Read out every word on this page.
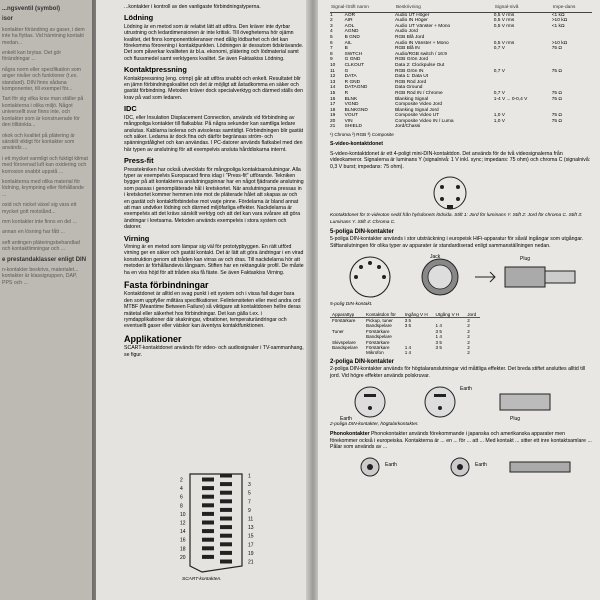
...ngsventil (symbol)

isor

kontakter förändring av gaser, i dem inte ha flyttas. Vid hämtning kontakt medan...

enkelt kan brytas. Det gör förändringar ...

några norm eller specifikation som anger nivåer och funktioner (t.ex. standard). DIN finns sådana komponenter, till exempel för...

Tart för sig vilka krav man ställer på kontakterna i olika miljö. Något universellt svar finns inte, och kontakter som är konstruerade för den tilltänkta...

okok och kvalitet på plätering är särskilt viktigt för kontakter som används ...

i ett mycket varmligt och fuktigt klimat med förorenad luft kan oxidering och korrosion snabbt uppstå ...

kontakterna med olika material för lödning, krympning eller förhållande ...

oxid och nickel växel sig vara ett mycket gott motstånd...

mm kontakter inte finns en del ...

annan en lösning har fått ...

seft antingen pläteringsbehandlad och kontaktlimningar och ...

e prestandaklasser enligt DIN

n-kontakter beskrivs, materialet... kontakter är klassigruppen, DAP, PPS och ...

...kontakter i kontroll av den vanligaste förbindningstyperna.

Lödning

Lödning är en metod som är relativt lätt att utföra. Den kräver inte dyrbar utrustning och ledardimensionen är inte kritisk. Till övegheterna hör ojämn kvalitet, det finns komponenttoleranser med dålig lödbarhet och det kan förekomma förorening i kontaktpunkten. Lödningen är dessutom tidskrävande. Det som påverkar kvaliteten är bl.a. ekonomi, plätering och lödmaterial samt och flussmedel samt verktygens kvalitet. Se även Faktaskiss Lödning.

Kontaktpressning

Kontaktpressning (eng. crimp) går att utföra snabbt och enkelt. Resultatet blir en jämn förbindningskvalitet och det är möjligt att åstadkomma en säker och gastät förbindning. Metoden kräver dock specialverktyg och därmed ställs den krav på vad som ledaren.

IDC

IDC, eller Insulation Displacement Connection, används vid förbindning av mångpoliga kontakter till flatkablar. På några sekunder kan samtliga ledare anslutas. Kablarna isoleras och avisoleras samtidigt. Förbindningen blir gastät och säker. Ledarna är dock fina och därför begränsas ström- och spänningstålighet och kan användas. I PC-datorer används flatkabel med den här typen av anslutning för att exempelvis ansluta hårddiskarna internt.

Press-fit

Presstekniken har också utvecklats för mångpoliga kontaktsanslutningar. Alla typer av exempelvis Europacard finns idag i "Press-fit" utförande. Tekniken bygger på att kontakterna anslutningspinnar har en något fjädrande anslutning som passas i genompläterade hål i kretskortet. När anslutningarna pressas in i kretskortet kommer hemmen inte mot de pläterade hålet att skapas av och en gastät och kontaktförbindelse mot varje pinne. Fördelarna är bland annat att man undviker lödning och därmed miljöfarliga effekter. Nackdelarna är exempelvis att det krävs särskilt verktyg och att det kan vara svårare att göra ändringar i kretsarna. Metoden används exempelvis i stora system och datorer.

Virning

Virning är en metod som lämpar sig väl för prototypbyggen. En rätt utförd virning ger en säker och gastät kontakt. Det är lätt att göra ändringar i en virad konstruktion genom att tråden kan virras av och dras. Till nackdelarna hör att metoden är förhållandevis långsam. Stiften har en rektangulär profil. De måste ha en viss höjd för att tråden ska få fäste. Se även Faktaskiss Virning.

Fasta förbindningar

Kontaktdonet är alltid en svag punkt i ett system och i vissa fall duger bara den som uppfyller militära specifikationer. Felintensiteten eller med andra ord MTBF (Meantime Between Failure) så viktigare att kontaktdonen hellre deras mätetal eller säkerhet hos förbindningar. Det kan gälla t.ex. i rymdapplikationer där skakningar, vibrationer, temperaturändringar och eventuellt gaser eller vätskor kan äventyra kontaktfunktionen.

Applikationer

SCART-kontaktdonet används för video- och audiosignaler i TV-sammanhang, se figur.

2
4
6
8
10
12
14
16
18
20
1
3
5
7
9
11
13
15
17
19
21
SCART-kontakten.
Signal-/Stift namn		Beskrivning	Signal-nivå	Impe-dans
1	AOR	Audio UT Höger	0,5 V rms	<1 kΩ
2	AIR	Audio IN Höger	0,5 V rms	>10 kΩ
3	AOL	Audio UT Vänster + Mono	0,5 V rms	<1 kΩ
4	AGND	Audio Jord		
5	B GND	RGB Blå Jord		
6	AIL	Audio IN Vänster + Mono	0,5 V rms	>10 kΩ
7	B	RGB Blå IN	0,7 V	75 Ω
8	SWTCH	Audio/RGB switch / 16:9		
9	G GND	RGB Grön Jord		
10	CLKOUT	Data 2: Clockpulse Out		
11	G	RGB Grön IN	0,7 V	75 Ω
12	DATA	Data 1: Data Ut		
13	R GND	RGB Röd Jord		
14	DATAGND	Data Ground		
15	R	RGB Röd IN / Chrome	0,7 V	75 Ω
16	BLNK	Blanking Signal	1-4 V ... 0-0,4 V	75 Ω
17	VGND	Composite Video Jord		
18	BLNKGND	Blanking Signal Jord		
19	VOUT	Composite Video UT	1,0 V	75 Ω
20	VIN	Composite Video IN / Luma	1,0 V	75 Ω
21	SHIELD	Jord/Chassi		
¹) Chroma ²) RGB ³) Composite

S-video-kontaktdonet

S-video-kontaktdonet är ett 4-poligt mini-DIN-kontaktdon. Det används för de två videosignalerna från videokameror. Signalerna är luminans Y (signalnivå: 1 V inkl. sync; impedans: 75 ohm) och chroma C (signalnivå: 0,3 V burst; impedans: 75 ohm).

Kontaktdonet för S-videoton sedd från hylsdonets lödsida. Stift 1: Jord för luminans Y. Stift 2: Jord för chroma C. Stift 3: Luminans Y. Stift 4: Chroma C.

5-poliga DIN-kontakter

5-poliga DIN-kontakter används i stor utsträckning i europeisk HiFi-apparatur för såväl ingångar som utgångar. Stiftanslutningen för olika typer av apparater är standardiserad enligt sammanställningen nedan.

Jack	Plug

5-polig DIN-kontakt.

Apparattyp	Kontaktdon för	Ingång V H	Utgång V H	Jord
Förstärkare	Pickup, tuner	3 5		2
	Bandspelare	3 5	1 4	2
Tuner	Förstärkare		3 5	2
	Bandspelare		1 4	2
Skivspelare	Förstärkare		3 5	2
Bandspelare	Förstärkare	1 4	3 5	2
	Mikrofon	1 4		2
2-poliga DIN-kontakter

2-poliga DIN-kontakter används för högtalaranslutningar vid måttliga effekter. Det breda stiftet ansluttes alltid till jord. Vid högre effekter används polskruvar.

Earth
Earth
Plug

2-poliga DIN-kontakter, högtalarkontakter.

Phonokontakter Phonokontakter används förekommande i japanska och amerikanska apparater men förekommer också i europeiska. Kontakterna är ... en ... för ... att ... Med kontakt ... sitter ett inre kontaktsamlare ... Pålar som används av ...

Earth	Earth
